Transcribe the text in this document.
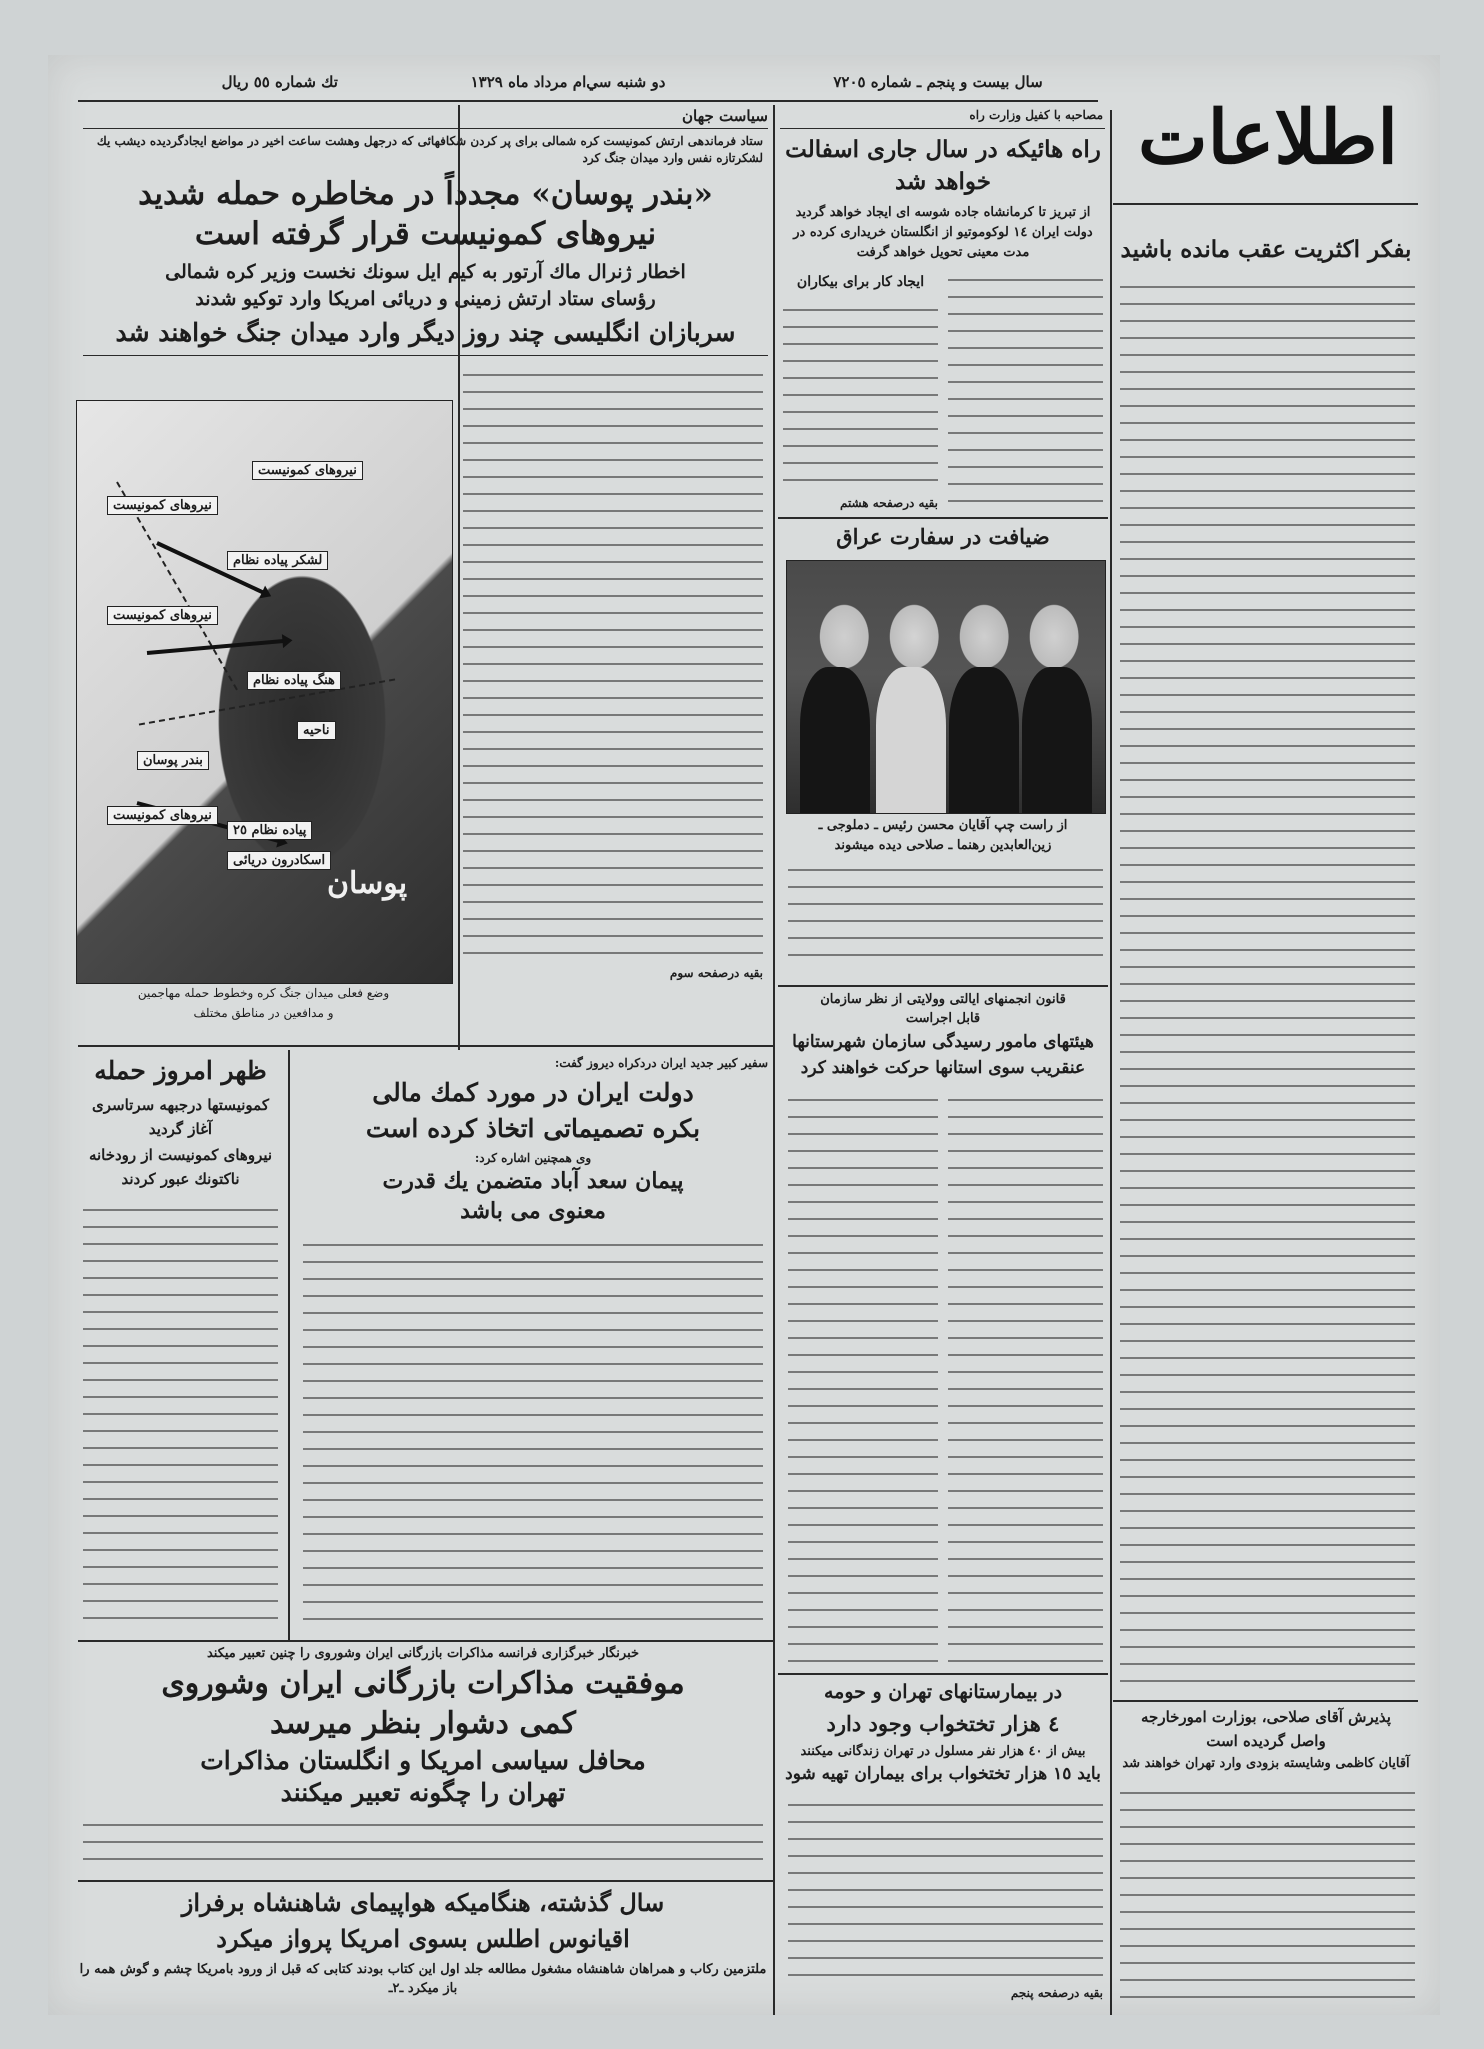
تك شماره ٥٥ ريال	دو شنبه سي‌ام مرداد ماه ١٣٢٩	سال بيست و پنجم ـ شماره ٧٢٠٥
اطلاعات
سياست جهان
ستاد فرماندهى ارتش كمونيست كره شمالى براى پر كردن شكافهائى كه درجهل وهشت ساعت اخير در مواضع ايجادگرديده ديشب يك لشكرتازه نفس وارد ميدان جنگ كرد
«بندر پوسان» مجدداً در مخاطره حمله شديد
نيروهاى كمونيست قرار گرفته است
اخطار ژنرال ماك آرتور به كيم ايل سونك نخست وزير كره شمالى
رؤساى ستاد ارتش زمينى و دريائى امريكا وارد توكيو شدند
سربازان انگليسى چند روز ديگر وارد ميدان جنگ خواهند شد
بقيه درصفحه سوم
نيروهاى كمونيست
نيروهاى كمونيست
نيروهاى كمونيست
نيروهاى كمونيست
لشكر پياده نظام
پياده نظام ٢٥
هنگ پياده نظام
ناحيه
اسكادرون دريائى
بندر پوسان
پوسان
وضع فعلى ميدان جنگ كره وخطوط حمله مهاجمين
و مدافعين در مناطق مختلف
ظهر امروز حمله
كمونيستها درجبهه سرتاسرى
آغاز گرديد
نيروهاى كمونيست از رودخانه
ناكتونك عبور كردند
سفير كبير جديد ايران دردكراه ديروز گفت:
دولت ايران در مورد كمك مالى
بكره تصميماتى اتخاذ كرده است
وى همچنين اشاره كرد:
پيمان سعد آباد متضمن يك قدرت
معنوى مى باشد
خبرنگار خبرگزارى فرانسه مذاكرات بازرگانى ايران وشوروى را چنين تعبير ميكند
موفقيت مذاكرات بازرگانى ايران وشوروى
كمى دشوار بنظر ميرسد
محافل سياسى امريكا و انگلستان مذاكرات
تهران را چگونه تعبير ميكنند
سال گذشته، هنگاميكه هواپيماى شاهنشاه برفراز
اقيانوس اطلس بسوى امريكا پرواز ميكرد
ملتزمين ركاب و همراهان شاهنشاه مشغول مطالعه جلد اول اين كتاب بودند كتابى كه قبل از ورود بامريكا چشم و گوش همه را باز ميكرد ـ٢ـ
مصاحبه با كفيل وزارت راه
راه هائيكه در سال جارى اسفالت
خواهد شد
از تبريز تا كرمانشاه جاده شوسه اى ايجاد خواهد گرديد دولت ايران ١٤ لوكوموتيو از انگلستان خريدارى كرده در مدت معينى تحويل خواهد گرفت
ايجاد كار براى بيكاران
بقيه درصفحه هشتم
ضيافت در سفارت عراق
از راست چپ آقايان محسن رئيس ـ دملوجى ـ
زين‌العابدين رهنما ـ صلاحى ديده ميشوند
قانون انجمنهاى ايالتى وولايتى از نظر سازمان
قابل اجراست
هيئتهاى مامور رسيدگى سازمان شهرستانها
عنقريب سوى استانها حركت خواهند كرد
در بيمارستانهاى تهران و حومه
٤ هزار تختخواب وجود دارد
بيش از ٤٠ هزار نفر مسلول در تهران زندگانى ميكنند
بايد ١٥ هزار تختخواب براى بيماران تهيه شود
بقيه درصفحه پنجم
بفكر اكثريت عقب مانده باشيد
پذيرش آقاى صلاحى، بوزارت امورخارجه
واصل گرديده است
آقايان كاظمى وشايسته بزودى وارد تهران خواهند شد
